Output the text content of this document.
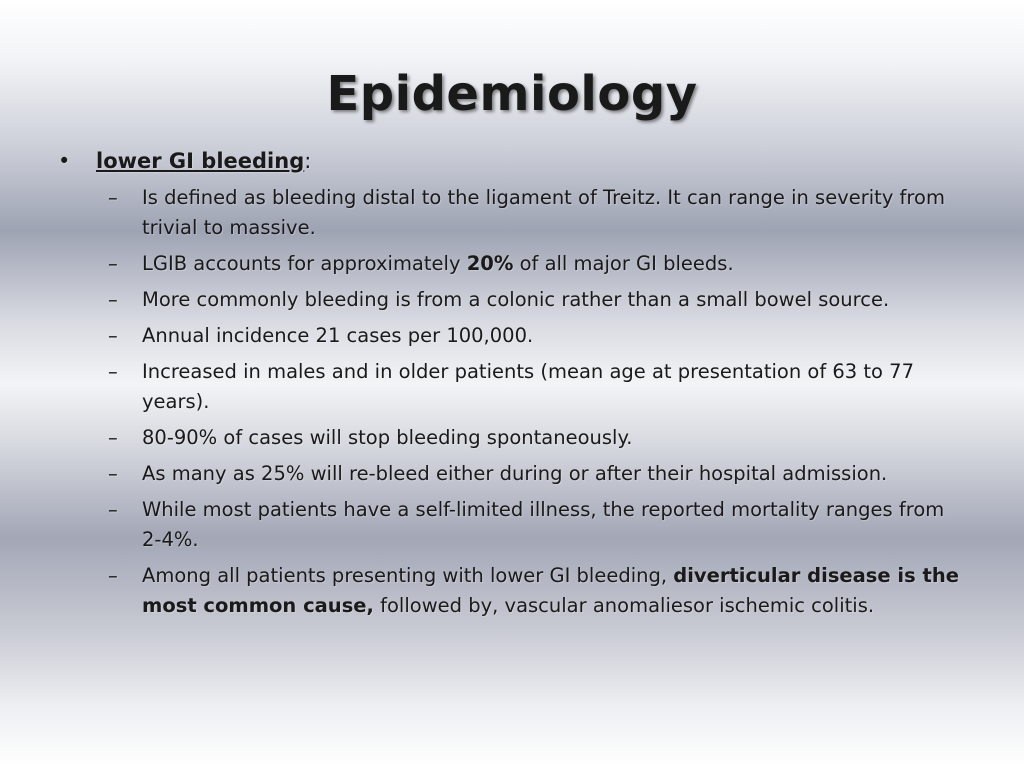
Epidemiology
• lower GI bleeding:
– Is defined as bleeding distal to the ligament of Treitz. It can range in severity from trivial to massive.
– LGIB accounts for approximately 20% of all major GI bleeds.
– More commonly bleeding is from a colonic rather than a small bowel source.
– Annual incidence 21 cases per 100,000.
– Increased in males and in older patients (mean age at presentation of 63 to 77 years).
– 80-90% of cases will stop bleeding spontaneously.
– As many as 25% will re-bleed either during or after their hospital admission.
– While most patients have a self-limited illness, the reported mortality ranges from 2-4%.
– Among all patients presenting with lower GI bleeding, diverticular disease is the most common cause, followed by, vascular anomaliesor ischemic colitis.
